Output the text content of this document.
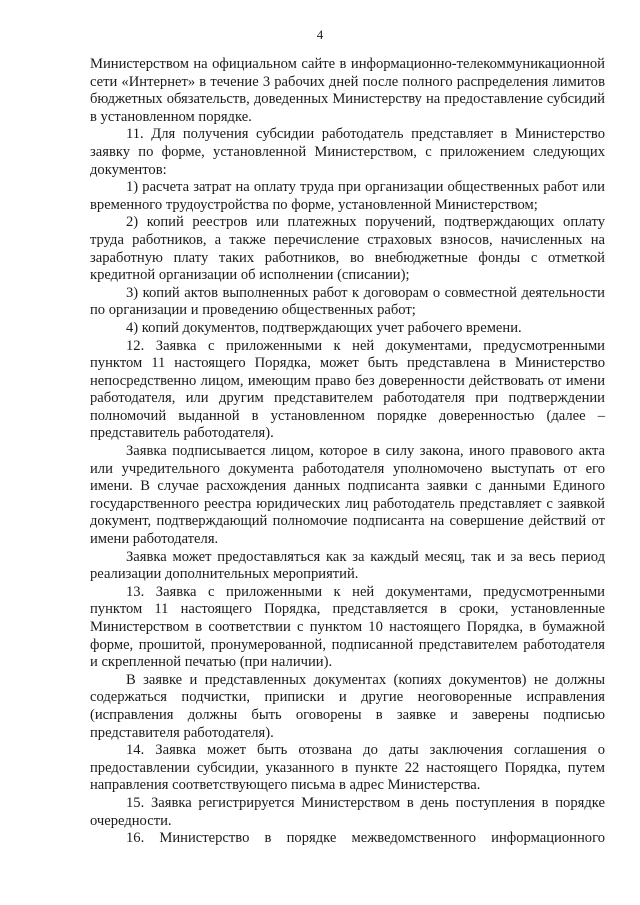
4

Министерством на официальном сайте в информационно-телекоммуникационной сети «Интернет» в течение 3 рабочих дней после полного распределения лимитов бюджетных обязательств, доведенных Министерству на предоставление субсидий в установленном порядке.

11. Для получения субсидии работодатель представляет в Министерство заявку по форме, установленной Министерством, с приложением следующих документов:

1) расчета затрат на оплату труда при организации общественных работ или временного трудоустройства по форме, установленной Министерством;

2) копий реестров или платежных поручений, подтверждающих оплату труда работников, а также перечисление страховых взносов, начисленных на заработную плату таких работников, во внебюджетные фонды с отметкой кредитной организации об исполнении (списании);

3) копий актов выполненных работ к договорам о совместной деятельности по организации и проведению общественных работ;

4) копий документов, подтверждающих учет рабочего времени.

12. Заявка с приложенными к ней документами, предусмотренными пунктом 11 настоящего Порядка, может быть представлена в Министерство непосредственно лицом, имеющим право без доверенности действовать от имени работодателя, или другим представителем работодателя при подтверждении полномочий выданной в установленном порядке доверенностью (далее – представитель работодателя).

Заявка подписывается лицом, которое в силу закона, иного правового акта или учредительного документа работодателя уполномочено выступать от его имени. В случае расхождения данных подписанта заявки с данными Единого государственного реестра юридических лиц работодатель представляет с заявкой документ, подтверждающий полномочие подписанта на совершение действий от имени работодателя.

Заявка может предоставляться как за каждый месяц, так и за весь период реализации дополнительных мероприятий.

13. Заявка с приложенными к ней документами, предусмотренными пунктом 11 настоящего Порядка, представляется в сроки, установленные Министерством в соответствии с пунктом 10 настоящего Порядка, в бумажной форме, прошитой, пронумерованной, подписанной представителем работодателя и скрепленной печатью (при наличии).

В заявке и представленных документах (копиях документов) не должны содержаться подчистки, приписки и другие неоговоренные исправления (исправления должны быть оговорены в заявке и заверены подписью представителя работодателя).

14. Заявка может быть отозвана до даты заключения соглашения о предоставлении субсидии, указанного в пункте 22 настоящего Порядка, путем направления соответствующего письма в адрес Министерства.

15. Заявка регистрируется Министерством в день поступления в порядке очередности.

16. Министерство в порядке межведомственного информационного
